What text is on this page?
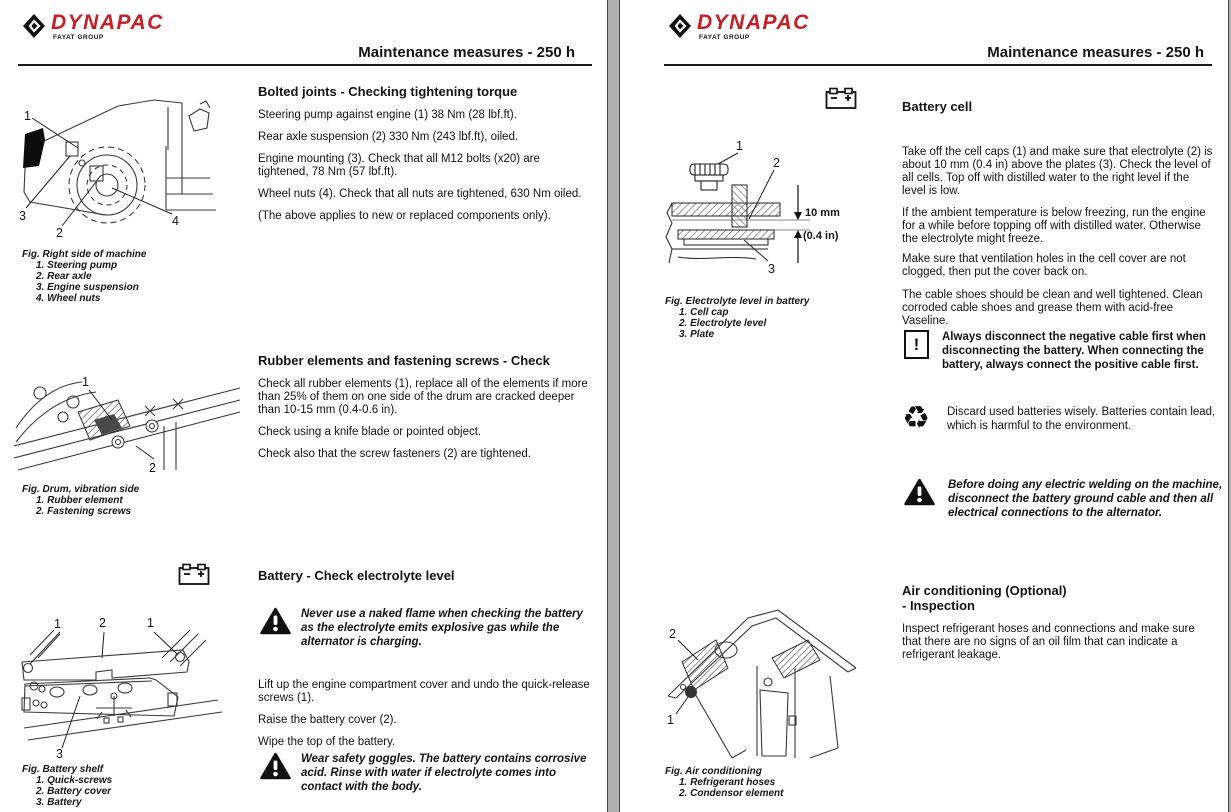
DYNAPAC
FAYAT GROUP
Maintenance measures - 250 h
1
3
2
4
Fig. Right side of machine
1. Steering pump
2. Rear axle
3. Engine suspension
4. Wheel nuts
Bolted joints - Checking tightening torque

Steering pump against engine (1) 38 Nm (28 lbf.ft).

Rear axle suspension (2) 330 Nm (243 lbf.ft), oiled.

Engine mounting (3). Check that all M12 bolts (x20) are tightened, 78 Nm (57 lbf.ft).

Wheel nuts (4). Check that all nuts are tightened, 630 Nm oiled.

(The above applies to new or replaced components only).

1
2
Fig. Drum, vibration side
1. Rubber element
2. Fastening screws
Rubber elements and fastening screws - Check

Check all rubber elements (1), replace all of the elements if more than 25% of them on one side of the drum are cracked deeper than 10-15 mm (0.4-0.6 in).

Check using a knife blade or pointed object.

Check also that the screw fasteners (2) are tightened.

Battery - Check electrolyte level

Never use a naked flame when checking the battery as the electrolyte emits explosive gas while the alternator is charging.

Lift up the engine compartment cover and undo the quick-release screws (1).

Raise the battery cover (2).

Wipe the top of the battery.

Wear safety goggles. The battery contains corrosive acid. Rinse with water if electrolyte comes into contact with the body.

1	2	1
3
Fig. Battery shelf
1. Quick-screws
2. Battery cover
3. Battery
DYNAPAC
FAYAT GROUP
Maintenance measures - 250 h
10 mm
(0.4 in)
1
2
3
Fig. Electrolyte level in battery
1. Cell cap
2. Electrolyte level
3. Plate
Battery cell

Take off the cell caps (1) and make sure that electrolyte (2) is about 10 mm (0.4 in) above the plates (3). Check the level of all cells. Top off with distilled water to the right level if the level is low.

If the ambient temperature is below freezing, run the engine for a while before topping off with distilled water. Otherwise the electrolyte might freeze.

Make sure that ventilation holes in the cell cover are not clogged, then put the cover back on.

The cable shoes should be clean and well tightened. Clean corroded cable shoes and grease them with acid-free Vaseline.

!	Always disconnect the negative cable first when disconnecting the battery. When connecting the battery, always connect the positive cable first.

♻	Discard used batteries wisely. Batteries contain lead, which is harmful to the environment.

Before doing any electric welding on the machine, disconnect the battery ground cable and then all electrical connections to the alternator.

Air conditioning (Optional)
- Inspection

Inspect refrigerant hoses and connections and make sure that there are no signs of an oil film that can indicate a refrigerant leakage.

2
1
Fig. Air conditioning
1. Refrigerant hoses
2. Condensor element
